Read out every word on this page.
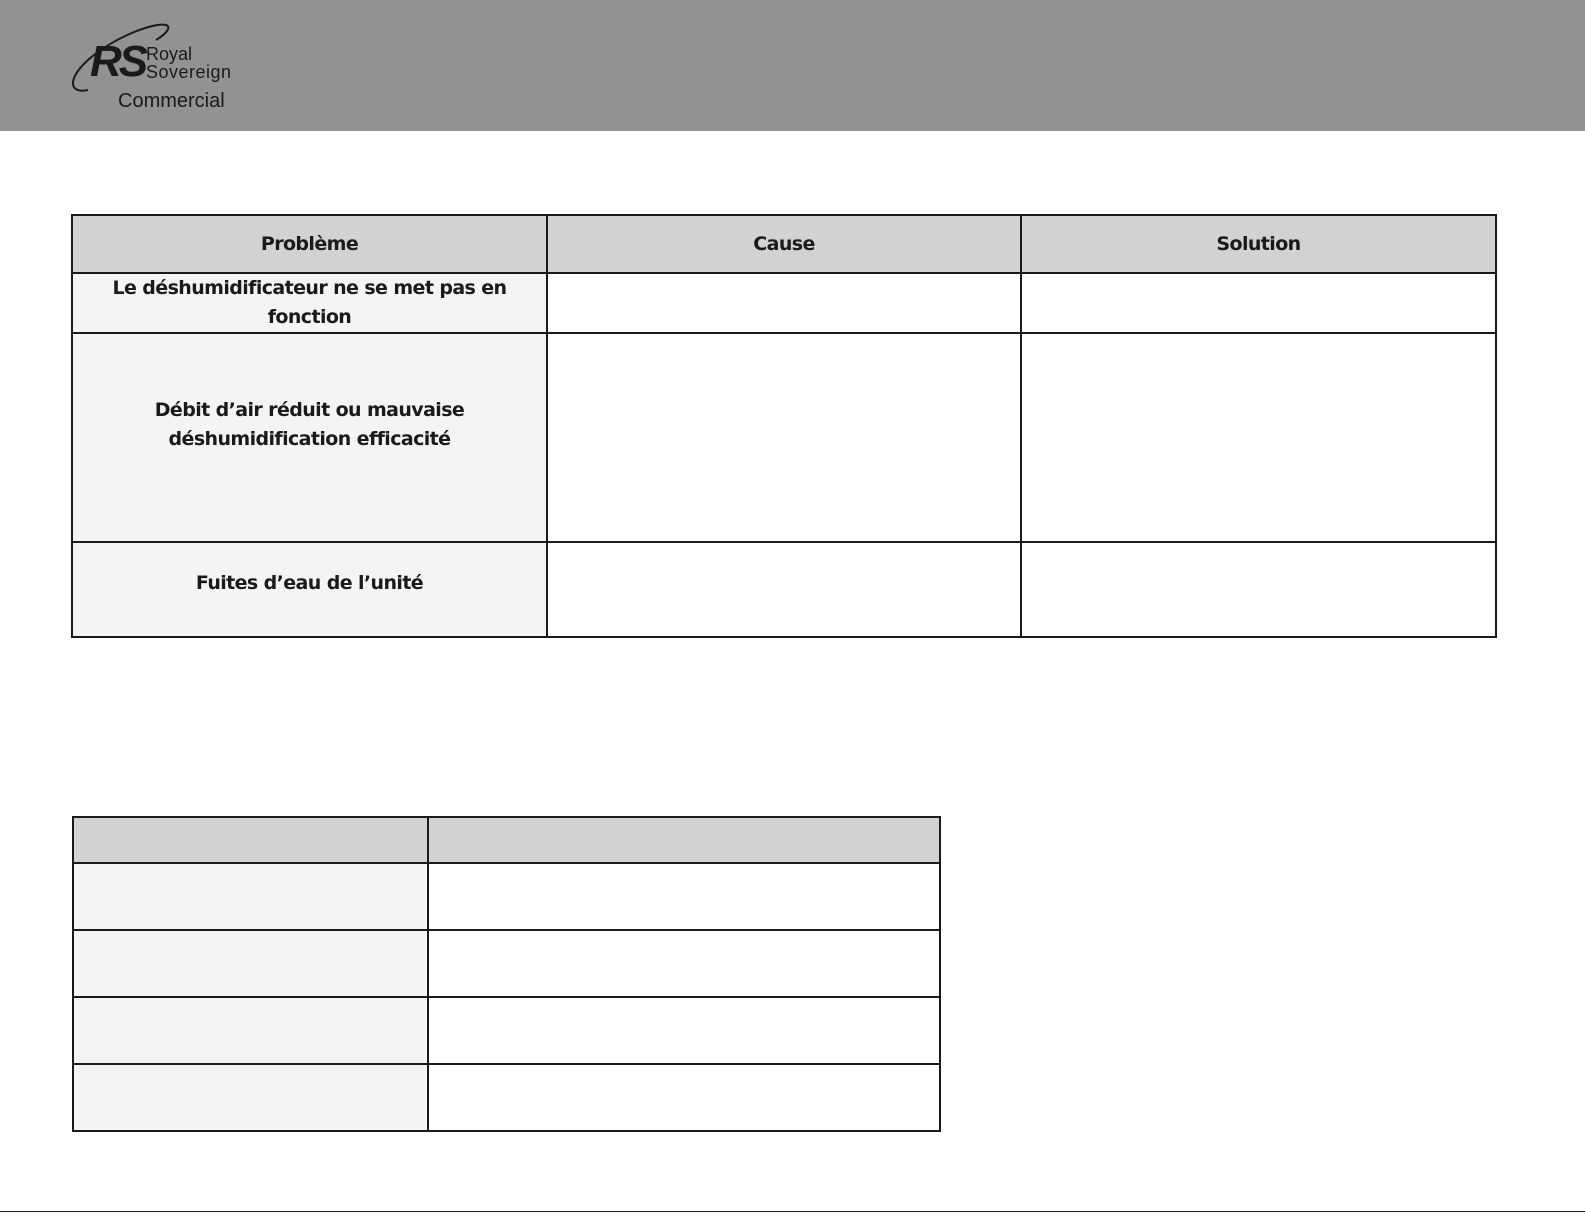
RS Royal
Sovereign
Commercial
Problème	Cause	Solution
Le déshumidificateur ne se met pas en fonction		
Débit d’air réduit ou mauvaise déshumidification efficacité		
Fuites d’eau de l’unité		
